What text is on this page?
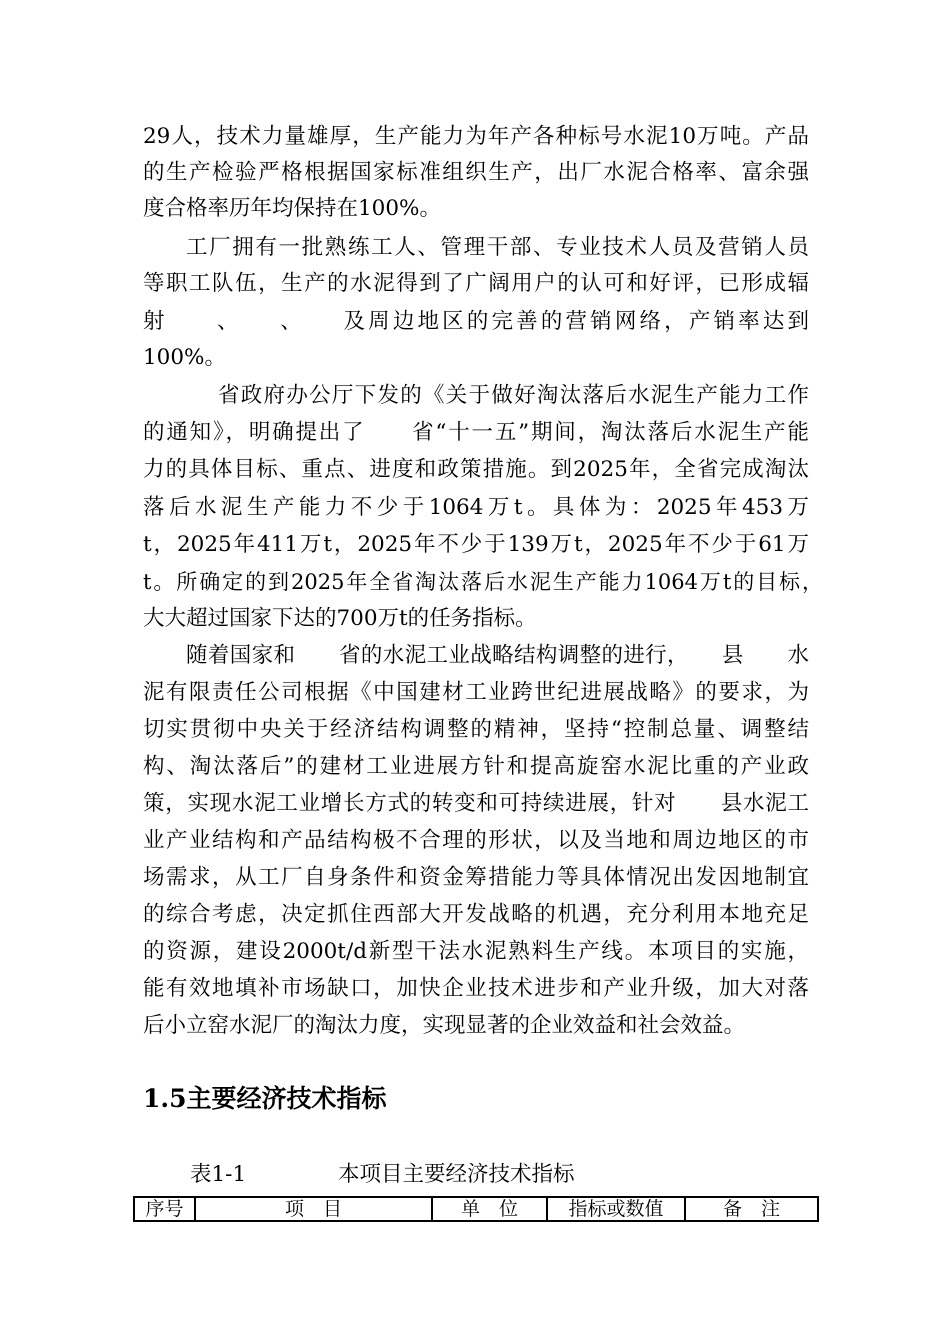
29人，技术力量雄厚，生产能力为年产各种标号水泥10万吨。产品
的生产检验严格根据国家标准组织生产，出厂水泥合格率、富余强
度合格率历年均保持在100%。
工厂拥有一批熟练工人、管理干部、专业技术人员及营销人员
等职工队伍，生产的水泥得到了广阔用户的认可和好评，已形成辐
射　　、　　、　　及周边地区的完善的营销网络，产销率达到
100%。
省政府办公厅下发的《关于做好淘汰落后水泥生产能力工作
的通知》，明确提出了　　省“十一五”期间，淘汰落后水泥生产能
力的具体目标、重点、进度和政策措施。到2025年，全省完成淘汰
落后水泥生产能力不少于1064万t。具体为：2025年453万
t，2025年411万t，2025年不少于139万t，2025年不少于61万
t。所确定的到2025年全省淘汰落后水泥生产能力1064万t的目标，
大大超过国家下达的700万t的任务指标。
随着国家和　　省的水泥工业战略结构调整的进行，　　县　　水
泥有限责任公司根据《中国建材工业跨世纪进展战略》的要求，为
切实贯彻中央关于经济结构调整的精神，坚持“控制总量、调整结
构、淘汰落后”的建材工业进展方针和提高旋窑水泥比重的产业政
策，实现水泥工业增长方式的转变和可持续进展，针对　　县水泥工
业产业结构和产品结构极不合理的形状，以及当地和周边地区的市
场需求，从工厂自身条件和资金筹措能力等具体情况出发因地制宜
的综合考虑，决定抓住西部大开发战略的机遇，充分利用本地充足
的资源，建设2000t/d新型干法水泥熟料生产线。本项目的实施，
能有效地填补市场缺口，加快企业技术进步和产业升级，加大对落
后小立窑水泥厂的淘汰力度，实现显著的企业效益和社会效益。
1.5主要经济技术指标
表1-1	本项目主要经济技术指标
序号	项　目	单　位	指标或数值	备　注
